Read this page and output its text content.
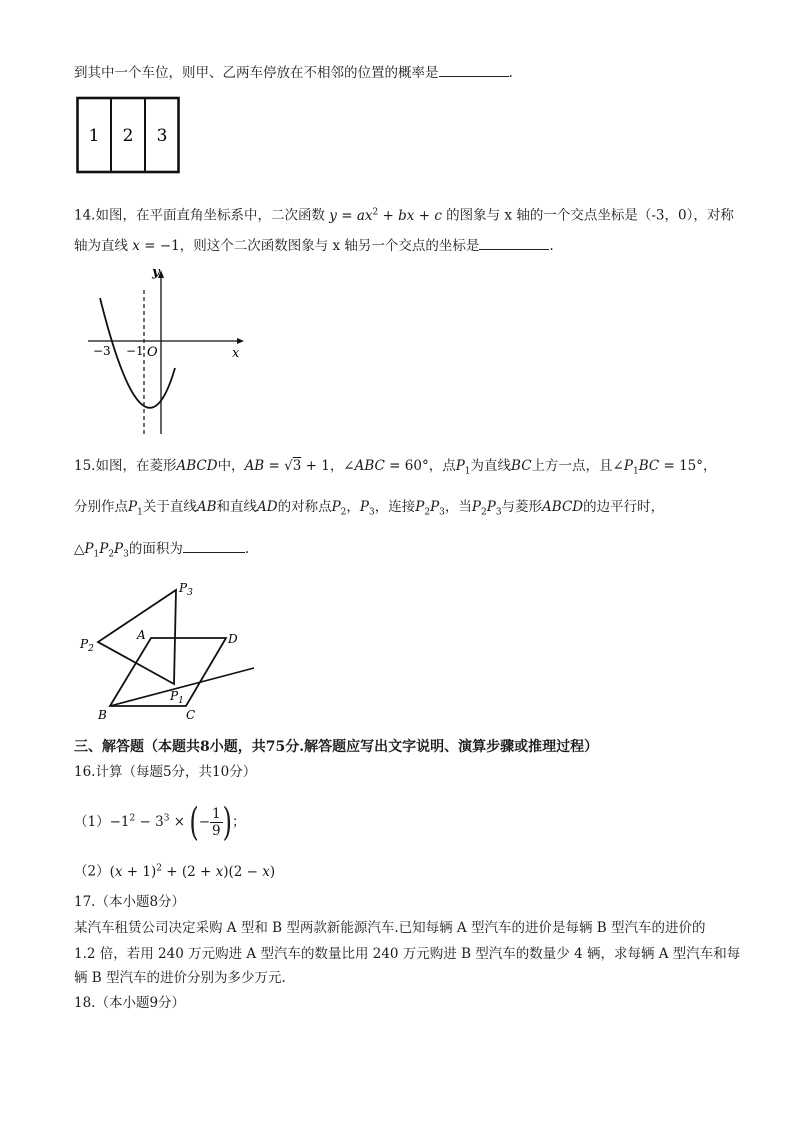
到其中一个车位，则甲、乙两车停放在不相邻的位置的概率是	.
1 2 3
14.如图，在平面直角坐标系中，二次函数 $y = ax^2$ + bx + c 的图象与 x 轴的一个交点坐标是（-3，0），对称
轴为直线 x = −1，则这个二次函数图象与 x 轴另一个交点的坐标是	.
y
x
−3 −1 O
15.如图，在菱形ABCD中，AB = √3 + 1，∠ABC = 60°，点$P_1$为直线BC上方一点，且$\angle P_1BC = 15^\circ$，
分别作点$P_1$关于直线AB和直线AD的对称点$P_2$，$P_3$，连接$P_2P_3$，当$P_2P_3$与菱形ABCD的边平行时，
$\triangle P_1P_2P_3$的面积为	.
$P_3$
$P_2$
A	D
$P_1$
B	C
三、解答题（本题共8小题，共75分.解答题应写出文字说明、演算步骤或推理过程）
16.计算（每题5分，共10分）
$(1)-1^2 - 3^3$ × (− $\frac{1}{9}$ )；
$(2)(x + 1)^2 + (2 + x)(2 - x)$
17.（本小题8分）
某汽车租赁公司决定采购 A 型和 B 型两款新能源汽车.已知每辆 A 型汽车的进价是每辆 B 型汽车的进价的
1.2 倍，若用 240 万元购进 A 型汽车的数量比用 240 万元购进 B 型汽车的数量少 4 辆，求每辆 A 型汽车和每
辆 B 型汽车的进价分别为多少万元.
18.（本小题9分）
